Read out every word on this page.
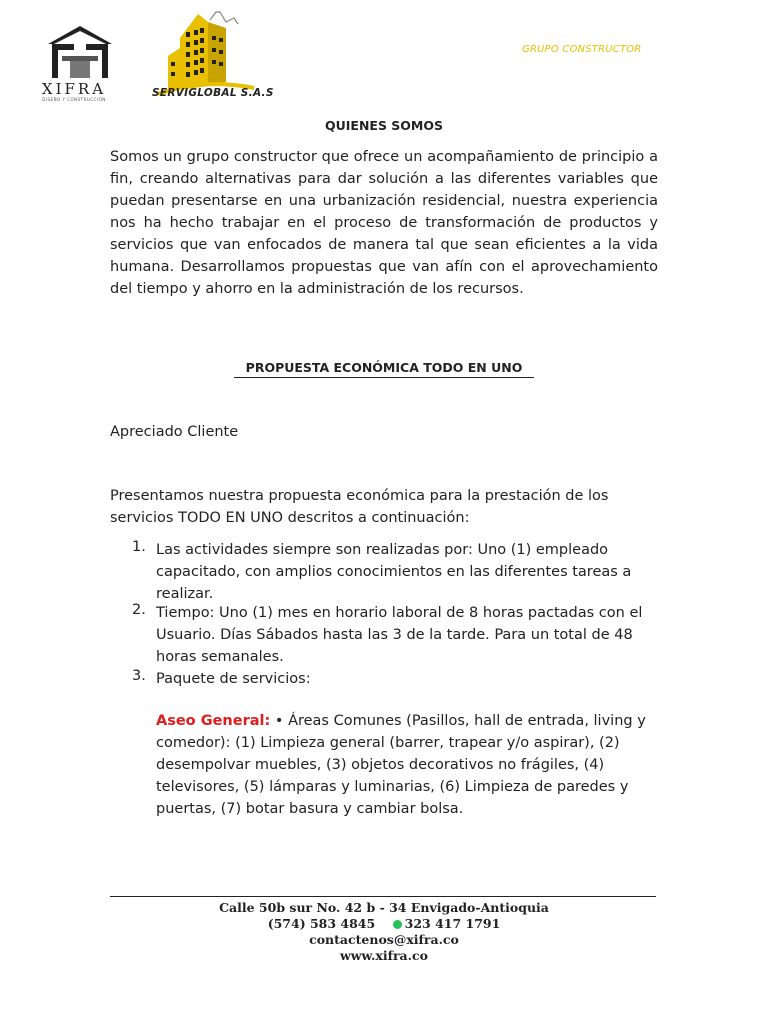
XIFRA
DISEÑO Y CONSTRUCCIÓN
SERVIGLOBAL S.A.S
GRUPO CONSTRUCTOR
QUIENES SOMOS
Somos un grupo constructor que ofrece un acompañamiento de principio a fin, creando alternativas para dar solución a las diferentes variables que puedan presentarse en una urbanización residencial, nuestra experiencia nos ha hecho trabajar en el proceso de transformación de productos y servicios que van enfocados de manera tal que sean eficientes a la vida humana. Desarrollamos propuestas que van afín con el aprovechamiento del tiempo y ahorro en la administración de los recursos.
PROPUESTA ECONÓMICA TODO EN UNO
Apreciado Cliente
Presentamos nuestra propuesta económica para la prestación de los servicios TODO EN UNO descritos a continuación:
1. Las actividades siempre son realizadas por: Uno (1) empleado capacitado, con amplios conocimientos en las diferentes tareas a realizar.
2. Tiempo: Uno (1) mes en horario laboral de 8 horas pactadas con el Usuario. Días Sábados hasta las 3 de la tarde. Para un total de 48 horas semanales.
3. Paquete de servicios:
Aseo General: • Áreas Comunes (Pasillos, hall de entrada, living y comedor): (1) Limpieza general (barrer, trapear y/o aspirar), (2) desempolvar muebles, (3) objetos decorativos no frágiles, (4) televisores, (5) lámparas y luminarias, (6) Limpieza de paredes y puertas, (7) botar basura y cambiar bolsa.
Calle 50b sur No. 42 b - 34 Envigado-Antioquia
(574) 583 4845 323 417 1791
contactenos@xifra.co
www.xifra.co
